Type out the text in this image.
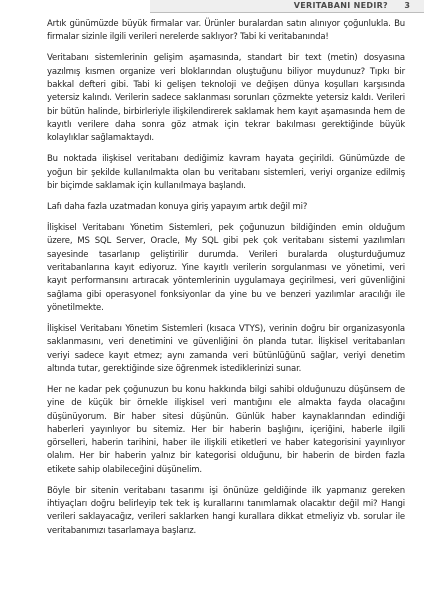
VERITABANI NEDIR? 3

Artık günümüzde büyük firmalar var. Ürünler buralardan satın alınıyor çoğunlukla. Bu firmalar sizinle ilgili verileri nerelerde saklıyor? Tabi ki veritabanında!

Veritabanı sistemlerinin gelişim aşamasında, standart bir text (metin) dosyasına yazılmış kısmen organize veri bloklarından oluştuğunu biliyor muydunuz? Tıpkı bir bakkal defteri gibi. Tabi ki gelişen teknoloji ve değişen dünya koşulları karşısında yetersiz kalındı. Verilerin sadece saklanması sorunları çözmekte yetersiz kaldı. Verileri bir bütün halinde, birbirleriyle ilişkilendirerek saklamak hem kayıt aşamasında hem de kayıtlı verilere daha sonra göz atmak için tekrar bakılması gerektiğinde büyük kolaylıklar sağlamaktaydı.

Bu noktada ilişkisel veritabanı dediğimiz kavram hayata geçirildi. Günümüzde de yoğun bir şekilde kullanılmakta olan bu veritabanı sistemleri, veriyi organize edilmiş bir biçimde saklamak için kullanılmaya başlandı.

Lafı daha fazla uzatmadan konuya giriş yapayım artık değil mi?

İlişkisel Veritabanı Yönetim Sistemleri, pek çoğunuzun bildiğinden emin olduğum üzere, MS SQL Server, Oracle, My SQL gibi pek çok veritabanı sistemi yazılımları sayesinde tasarlanıp geliştirilir durumda. Verileri buralarda oluşturduğumuz veritabanlarına kayıt ediyoruz. Yine kayıtlı verilerin sorgulanması ve yönetimi, veri kayıt performansını artıracak yöntemlerinin uygulamaya geçirilmesi, veri güvenliğini sağlama gibi operasyonel fonksiyonlar da yine bu ve benzeri yazılımlar aracılığı ile yönetilmekte.

İlişkisel Veritabanı Yönetim Sistemleri (kısaca VTYS), verinin doğru bir organizasyonla saklanmasını, veri denetimini ve güvenliğini ön planda tutar. İlişkisel veritabanları veriyi sadece kayıt etmez; aynı zamanda veri bütünlüğünü sağlar, veriyi denetim altında tutar, gerektiğinde size öğrenmek istediklerinizi sunar.

Her ne kadar pek çoğunuzun bu konu hakkında bilgi sahibi olduğunuzu düşünsem de yine de küçük bir örnekle ilişkisel veri mantığını ele almakta fayda olacağını düşünüyorum. Bir haber sitesi düşünün. Günlük haber kaynaklarından edindiği haberleri yayınlıyor bu sitemiz. Her bir haberin başlığını, içeriğini, haberle ilgili görselleri, haberin tarihini, haber ile ilişkili etiketleri ve haber kategorisini yayınlıyor olalım. Her bir haberin yalnız bir kategorisi olduğunu, bir haberin de birden fazla etikete sahip olabileceğini düşünelim.

Böyle bir sitenin veritabanı tasarımı işi önünüze geldiğinde ilk yapmanız gereken ihtiyaçları doğru belirleyip tek tek iş kurallarını tanımlamak olacaktır değil mi? Hangi verileri saklayacağız, verileri saklarken hangi kurallara dikkat etmeliyiz vb. sorular ile veritabanımızı tasarlamaya başlarız.
